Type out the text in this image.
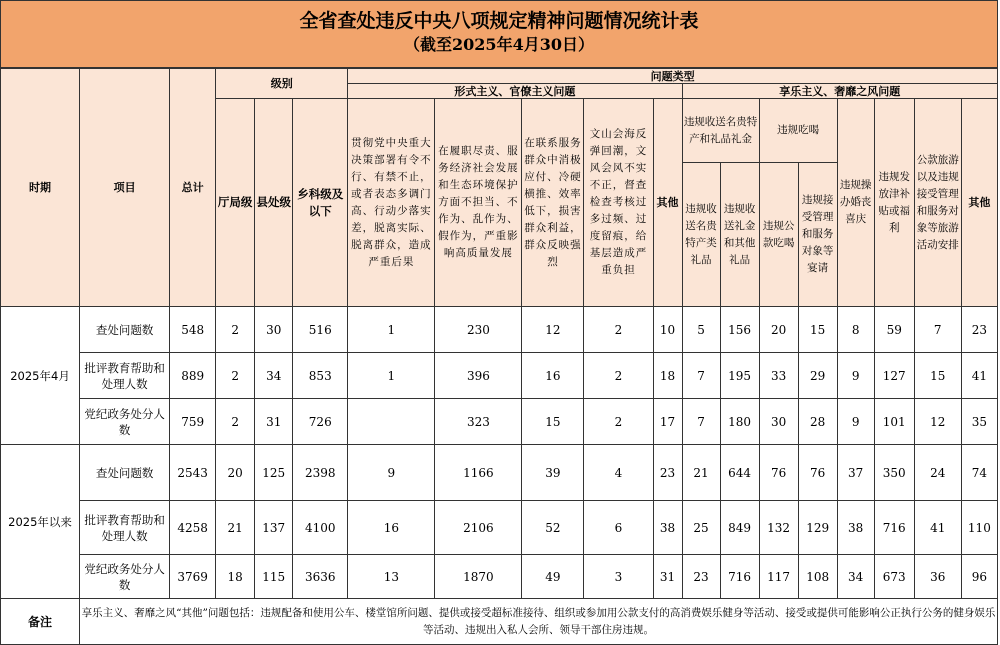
全省查处违反中央八项规定精神问题情况统计表
（截至2025年4月30日）
时期	项目	总计	级别			问题类型												
						形式主义、官僚主义问题					享乐主义、奢靡之风问题							
			厅局级	县处级	乡科级及以下	贯彻党中央重大决策部署有令不行、有禁不止，或者表态多调门高、行动少落实差，脱离实际、脱离群众，造成严重后果	在履职尽责、服务经济社会发展和生态环境保护方面不担当、不作为、乱作为、假作为，严重影响高质量发展	在联系服务群众中消极应付、冷硬横推、效率低下，损害群众利益，群众反映强烈	文山会海反弹回潮，文风会风不实不正，督查检查考核过多过频、过度留痕，给基层造成严重负担	其他	违规收送名贵特产和礼品礼金		违规吃喝		违规操办婚丧喜庆	违规发放津补贴或福利	公款旅游以及违规接受管理和服务对象等旅游活动安排	其他
											违规收送名贵特产类礼品	违规收送礼金和其他礼品	违规公款吃喝	违规接受管理和服务对象等宴请				
2025年4月	查处问题数	548	2	30	516	1	230	12	2	10	5	156	20	15	8	59	7	23
	批评教育帮助和处理人数	889	2	34	853	1	396	16	2	18	7	195	33	29	9	127	15	41
	党纪政务处分人数	759	2	31	726		323	15	2	17	7	180	30	28	9	101	12	35
2025年以来	查处问题数	2543	20	125	2398	9	1166	39	4	23	21	644	76	76	37	350	24	74
	批评教育帮助和处理人数	4258	21	137	4100	16	2106	52	6	38	25	849	132	129	38	716	41	110
	党纪政务处分人数	3769	18	115	3636	13	1870	49	3	31	23	716	117	108	34	673	36	96
备注	享乐主义、奢靡之风“其他”问题包括：违规配备和使用公车、楼堂馆所问题、提供或接受超标准接待、组织或参加用公款支付的高消费娱乐健身等活动、接受或提供可能影响公正执行公务的健身娱乐等活动、违规出入私人会所、领导干部住房违规。																	
